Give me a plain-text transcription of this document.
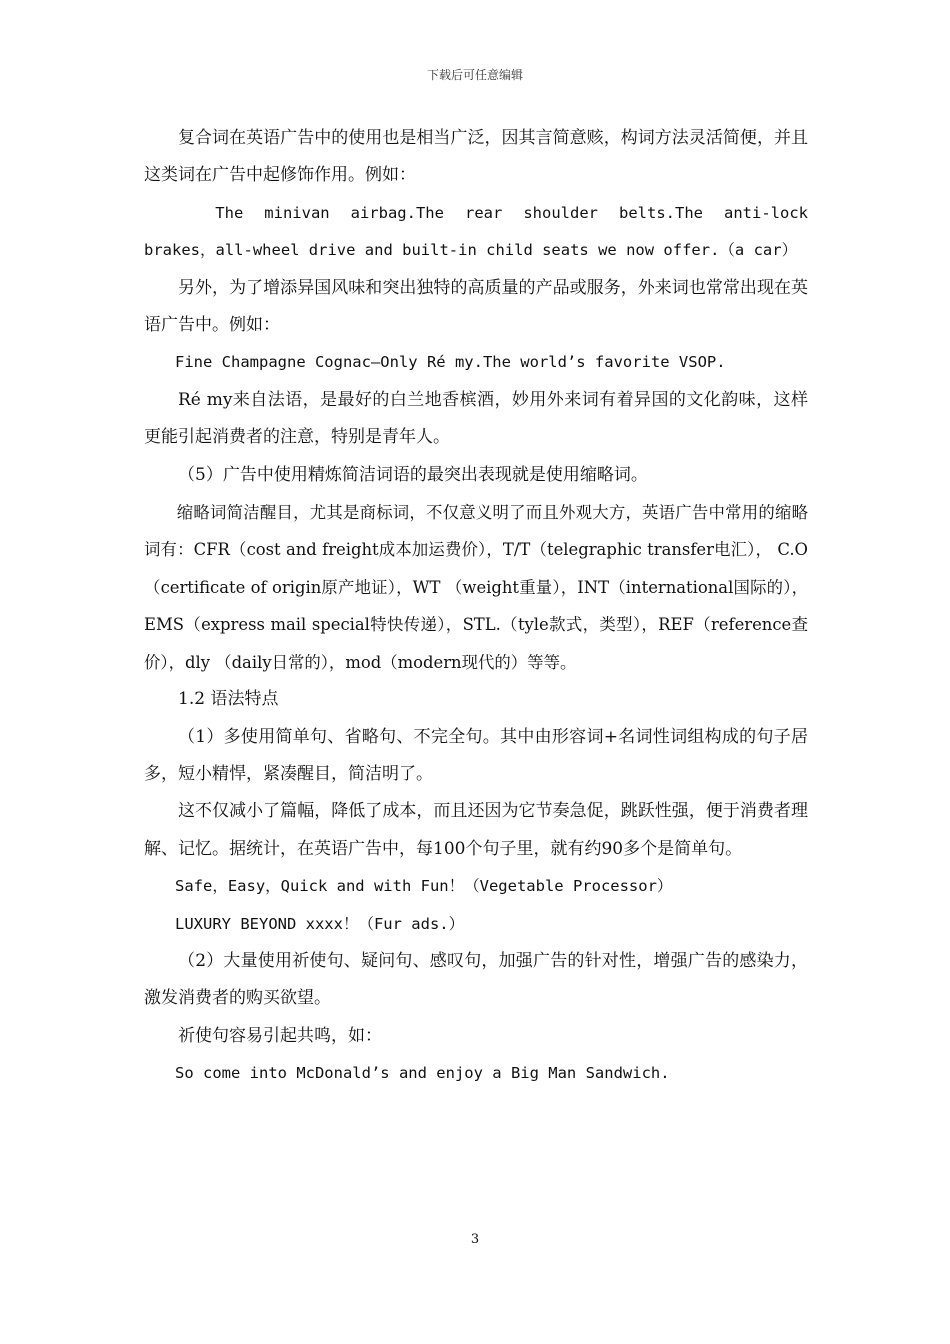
下载后可任意编辑

复合词在英语广告中的使用也是相当广泛，因其言简意赅，构词方法灵活简便，并且这类词在广告中起修饰作用。例如：

The minivan airbag.The rear shoulder belts.The anti-lock brakes，all-wheel drive and built-in child seats we now offer.（a car）

另外，为了增添异国风味和突出独特的高质量的产品或服务，外来词也常常出现在英语广告中。例如：

Fine Champagne Cognac—Only Ré my.The world’s favorite VSOP.

Ré my来自法语，是最好的白兰地香槟酒，妙用外来词有着异国的文化韵味，这样更能引起消费者的注意，特别是青年人。

（5）广告中使用精炼简洁词语的最突出表现就是使用缩略词。

缩略词简洁醒目，尤其是商标词，不仅意义明了而且外观大方，英语广告中常用的缩略词有：CFR（cost and freight成本加运费价），T/T（telegraphic transfer电汇）， C.O（certificate of origin原产地证），WT （weight重量），INT（international国际的）， EMS（express mail special特快传递），STL.（tyle款式，类型），REF（reference查价），dly （daily日常的），mod（modern现代的）等等。

1.2 语法特点

（1）多使用简单句、省略句、不完全句。其中由形容词+名词性词组构成的句子居多，短小精悍，紧凑醒目，简洁明了。

这不仅减小了篇幅，降低了成本，而且还因为它节奏急促，跳跃性强，便于消费者理解、记忆。据统计，在英语广告中，每100个句子里，就有约90多个是简单句。

Safe，Easy，Quick and with Fun！（Vegetable Processor）

LUXURY BEYOND xxxx！（Fur ads.）

（2）大量使用祈使句、疑问句、感叹句，加强广告的针对性，增强广告的感染力，激发消费者的购买欲望。

祈使句容易引起共鸣，如：

So come into McDonald’s and enjoy a Big Man Sandwich.

3
